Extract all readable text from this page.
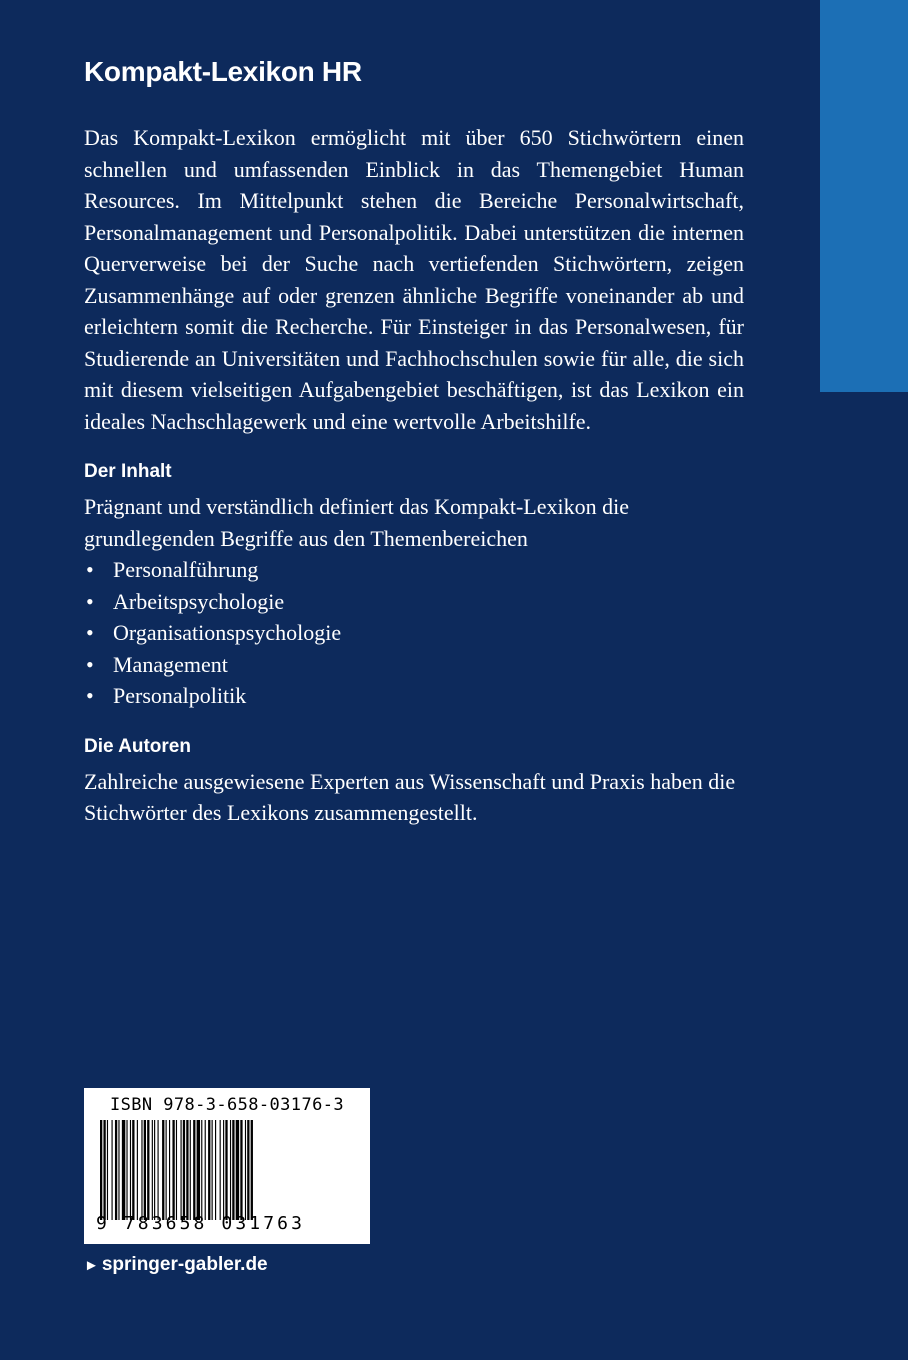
Kompakt-Lexikon HR

Das Kompakt-Lexikon ermöglicht mit über 650 Stichwörtern einen schnellen und umfassenden Einblick in das Themengebiet Human Resources. Im Mittelpunkt stehen die Bereiche Personalwirtschaft, Personalmanagement und Personalpolitik. Dabei unterstützen die internen Querverweise bei der Suche nach vertiefenden Stichwörtern, zeigen Zusammenhänge auf oder grenzen ähnliche Begriffe voneinander ab und erleichtern somit die Recherche. Für Einsteiger in das Personalwesen, für Studierende an Universitäten und Fachhochschulen sowie für alle, die sich mit diesem vielseitigen Aufgabengebiet beschäftigen, ist das Lexikon ein ideales Nachschlagewerk und eine wertvolle Arbeitshilfe.

Der Inhalt

Prägnant und verständlich definiert das Kompakt-Lexikon die grundlegenden Begriffe aus den Themenbereichen

• Personalführung
• Arbeitspsychologie
• Organisationspsychologie
• Management
• Personalpolitik
Die Autoren

Zahlreiche ausgewiesene Experten aus Wissenschaft und Praxis haben die Stichwörter des Lexikons zusammengestellt.

ISBN 978-3-658-03176-3
9 783658 031763
► springer-gabler.de
